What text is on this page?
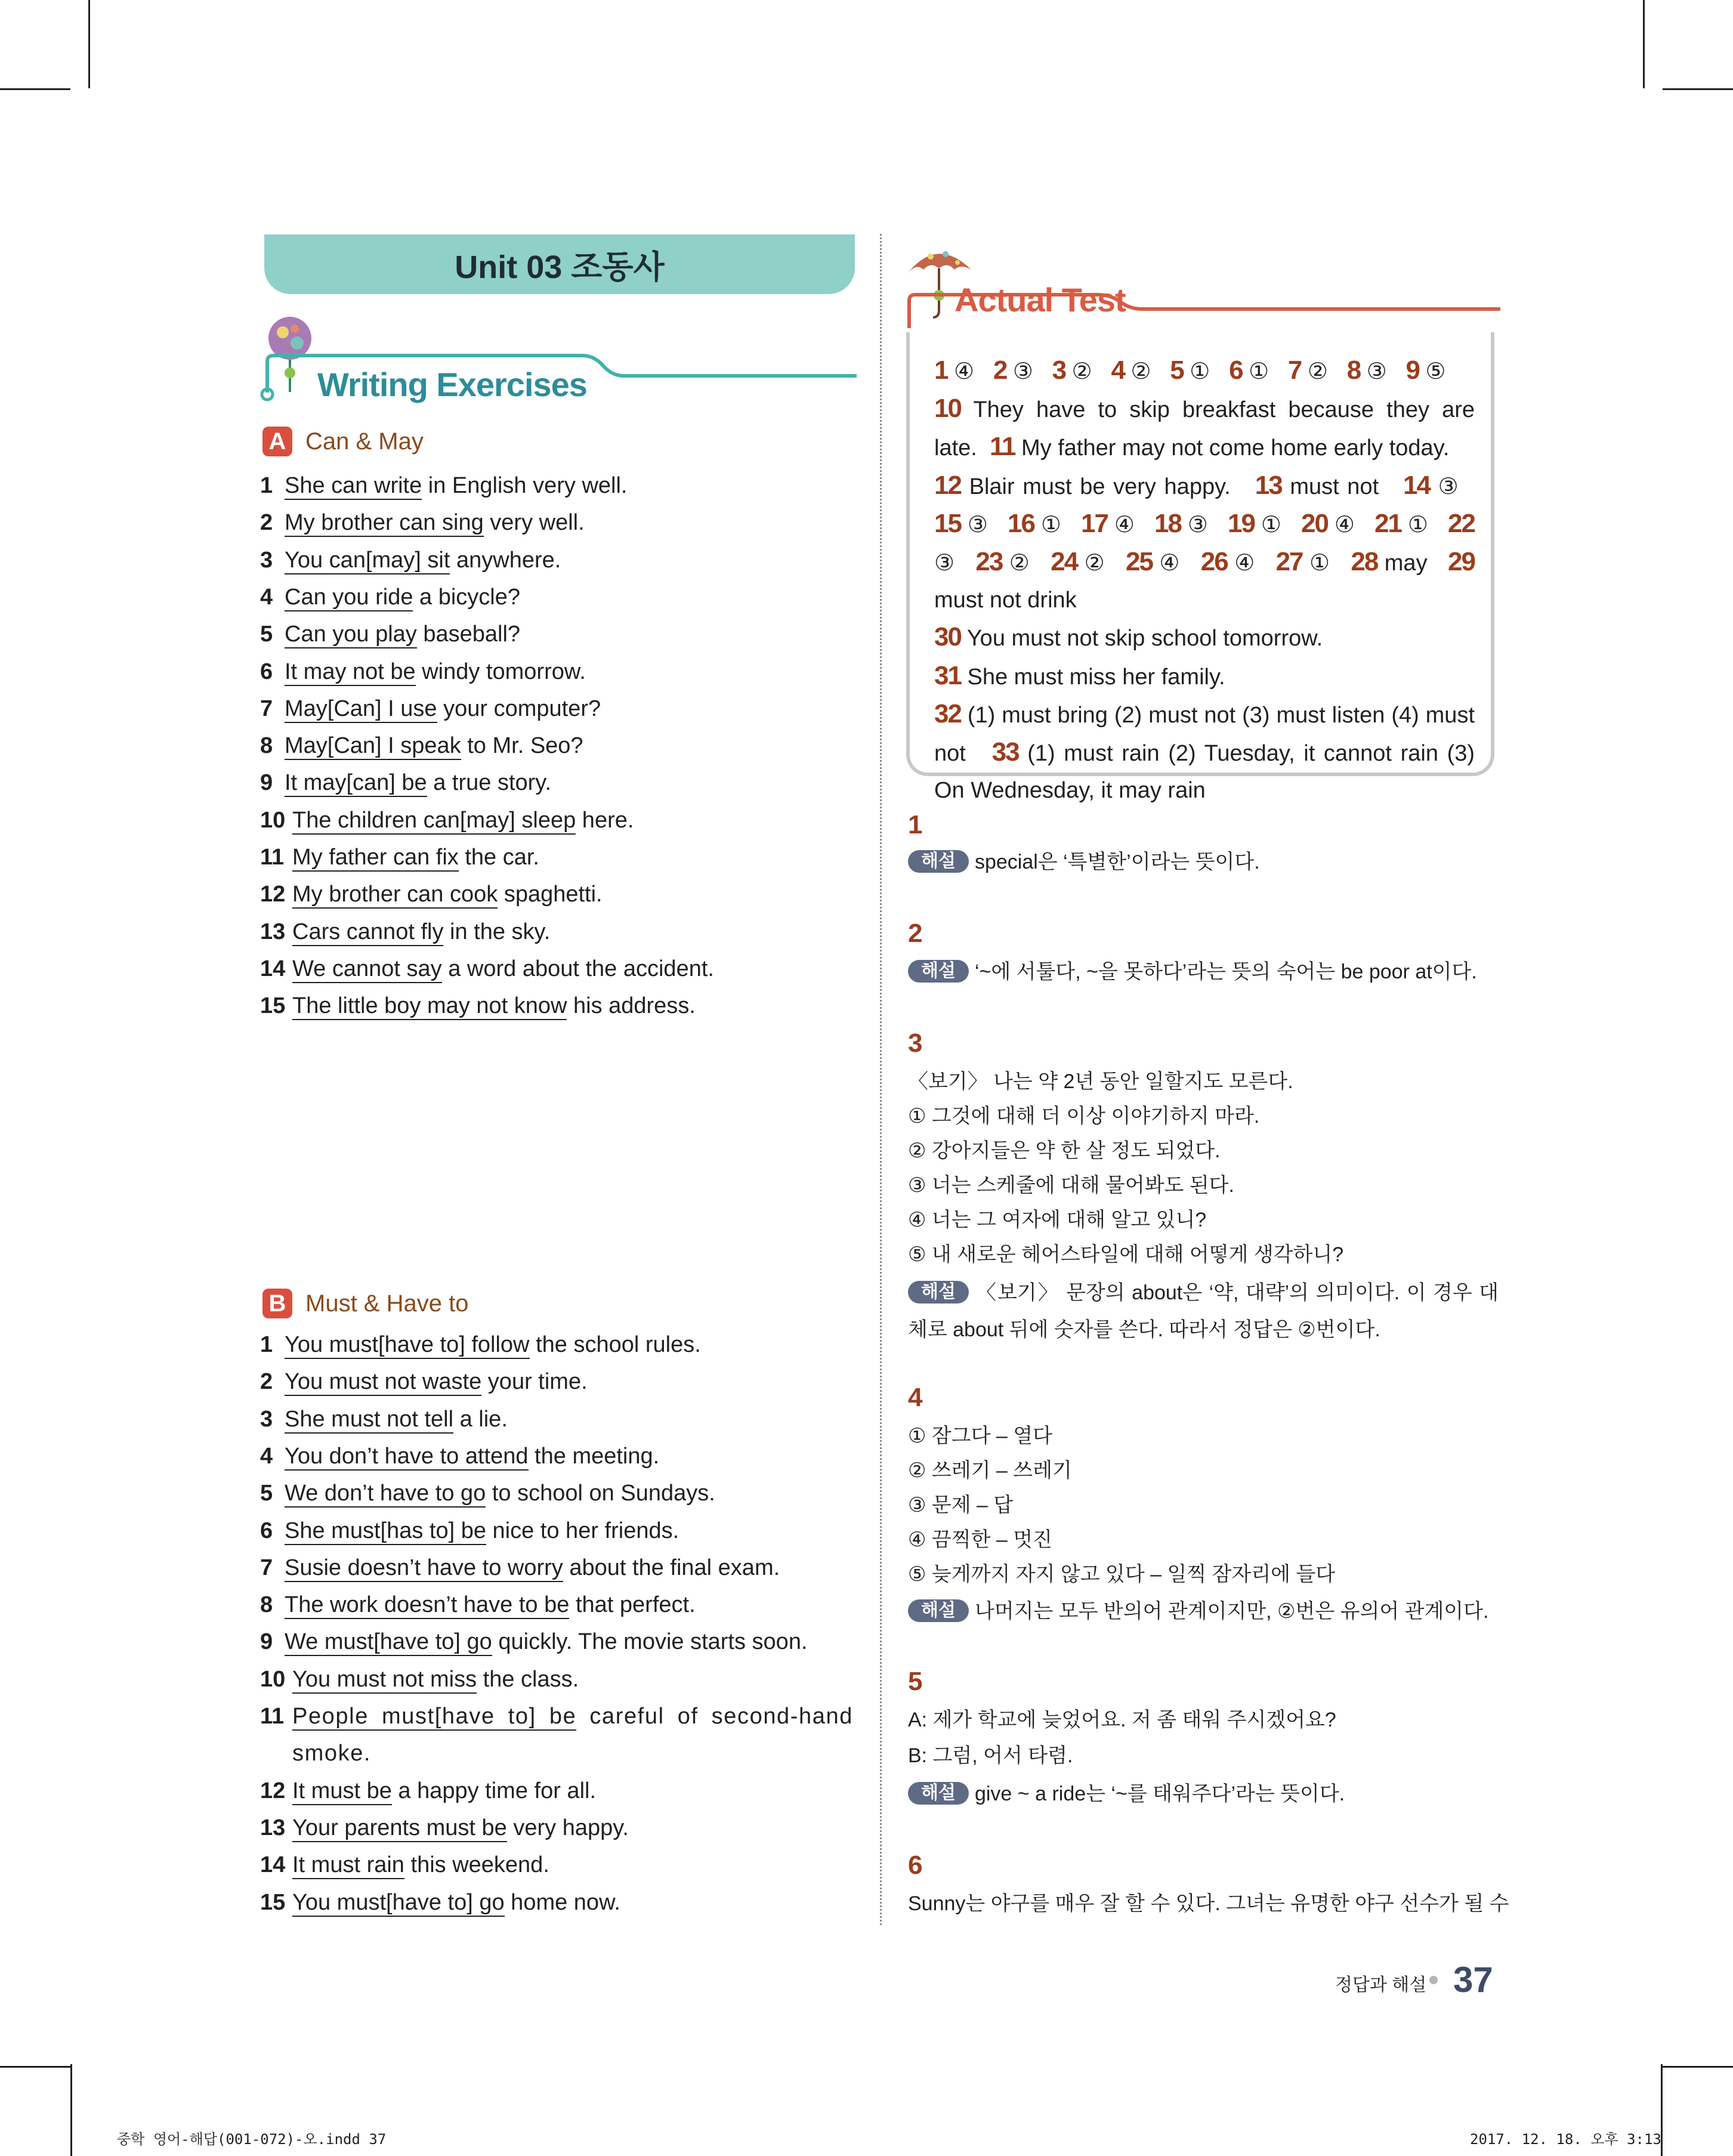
Unit 03 조동사
Writing Exercises
A Can & May
1 She can write in English very well.
2 My brother can sing very well.
3 You can[may] sit anywhere.
4 Can you ride a bicycle?
5 Can you play baseball?
6 It may not be windy tomorrow.
7 May[Can] I use your computer?
8 May[Can] I speak to Mr. Seo?
9 It may[can] be a true story.
10 The children can[may] sleep here.
11 My father can fix the car.
12 My brother can cook spaghetti.
13 Cars cannot fly in the sky.
14 We cannot say a word about the accident.
15 The little boy may not know his address.
B Must & Have to
1 You must[have to] follow the school rules.
2 You must not waste your time.
3 She must not tell a lie.
4 You don’t have to attend the meeting.
5 We don’t have to go to school on Sundays.
6 She must[has to] be nice to her friends.
7 Susie doesn’t have to worry about the final exam.
8 The work doesn’t have to be that perfect.
9 We must[have to] go quickly. The movie starts soon.
10 You must not miss the class.
11 People must[have to] be careful of second-hand smoke.
12 It must be a happy time for all.
13 Your parents must be very happy.
14 It must rain this weekend.
15 You must[have to] go home now.
Actual Test
1 ④ 2 ③ 3 ② 4 ② 5 ① 6 ① 7 ② 8 ③ 9 ⑤
10 They have to skip breakfast because they are late. 11 My father may not come home early today.
12 Blair must be very happy. 13 must not 14 ③   15 ③ 16 ① 17 ④ 18 ③ 19 ① 20 ④ 21 ① 22 ③ 23 ② 24 ② 25 ④ 26 ④ 27 ① 28 may 29 must not drink
30 You must not skip school tomorrow.
31 She must miss her family.
32 (1) must bring (2) must not (3) must listen (4) must not 33 (1) must rain (2) Tuesday, it cannot rain (3) On Wednesday, it may rain
1
해설 special은 ‘특별한’이라는 뜻이다.
2
해설 ‘~에 서툴다, ~을 못하다’라는 뜻의 숙어는 be poor at이다.
3
〈보기〉 나는 약 2년 동안 일할지도 모른다.
① 그것에 대해 더 이상 이야기하지 마라.
② 강아지들은 약 한 살 정도 되었다.
③ 너는 스케줄에 대해 물어봐도 된다.
④ 너는 그 여자에 대해 알고 있니?
⑤ 내 새로운 헤어스타일에 대해 어떻게 생각하니?
해설 〈보기〉 문장의 about은 ‘약, 대략’의 의미이다. 이 경우 대체로 about 뒤에 숫자를 쓴다. 따라서 정답은 ②번이다.
4
① 잠그다 – 열다
② 쓰레기 – 쓰레기
③ 문제 – 답
④ 끔찍한 – 멋진
⑤ 늦게까지 자지 않고 있다 – 일찍 잠자리에 들다
해설 나머지는 모두 반의어 관계이지만, ②번은 유의어 관계이다.
5
A: 제가 학교에 늦었어요. 저 좀 태워 주시겠어요?
B: 그럼, 어서 타렴.
해설 give ~ a ride는 ‘~를 태워주다’라는 뜻이다.
6
Sunny는 야구를 매우 잘 할 수 있다. 그녀는 유명한 야구 선수가 될 수
정답과 해설 37
중학 영어-해답(001-072)-오.indd 37	2017. 12. 18. 오후 3:13
